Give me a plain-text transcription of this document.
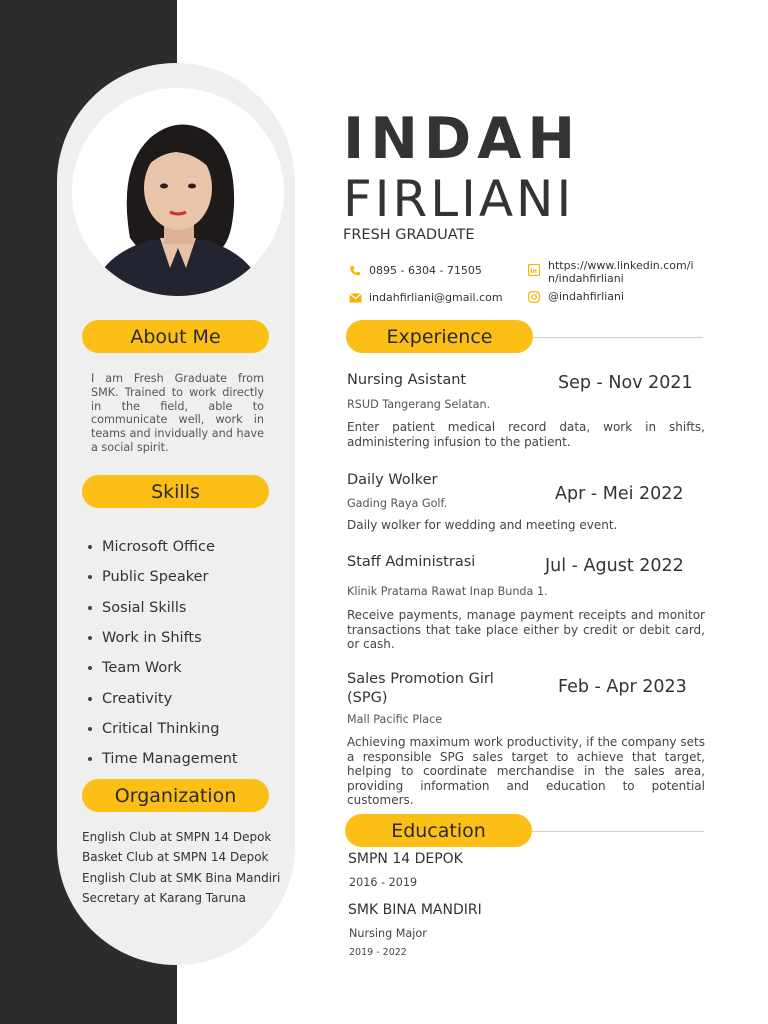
About Me
I am Fresh Graduate from SMK. Trained to work directly in the field, able to communicate well, work in teams and invidually and have a social spirit.
Skills
Microsoft Office
Public Speaker
Sosial Skills
Work in Shifts
Team Work
Creativity
Critical Thinking
Time Management
Organization
English Club at SMPN 14 Depok
Basket Club at SMPN 14 Depok
English Club at SMK Bina Mandiri
Secretary at Karang Taruna
INDAH
FIRLIANI
FRESH GRADUATE
0895 - 6304 - 71505
indahfirliani@gmail.com
in https://www.linkedin.com/i
n/indahfirliani
@indahfirliani
Experience
Nursing Asistant	Sep - Nov 2021
RSUD Tangerang Selatan.
Enter patient medical record data, work in shifts, administering infusion to the patient.
Daily Wolker
Apr - Mei 2022
Gading Raya Golf.
Daily wolker for wedding and meeting event.
Staff Administrasi	Jul - Agust 2022
Klinik Pratama Rawat Inap Bunda 1.
Receive payments, manage payment receipts and monitor transactions that take place either by credit or debit card, or cash.
Sales Promotion Girl
(SPG)
Feb - Apr 2023
Mall Pacific Place
Achieving maximum work productivity, if the company sets a responsible SPG sales target to achieve that target, helping to coordinate merchandise in the sales area, providing information and education to potential customers.
Education
SMPN 14 DEPOK
2016 - 2019
SMK BINA MANDIRI
Nursing Major
2019 - 2022
